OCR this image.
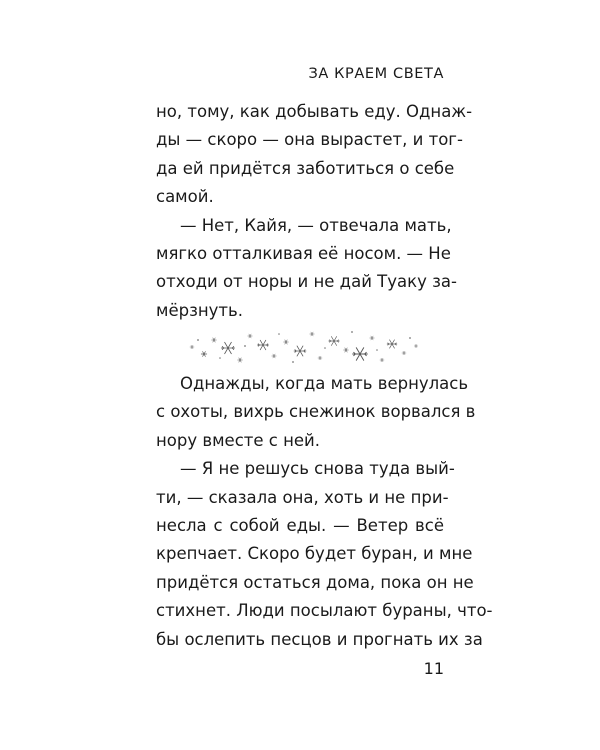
ЗА КРАЕМ СВЕТА
но, тому, как добывать еду. Однаж-
ды — скоро — она вырастет, и тог-
да ей придётся заботиться о себе
самой.
— Нет, Кайя, — отвечала мать,
мягко отталкивая её носом. — Не
отходи от норы и не дай Туаку за-
мёрзнуть.
Однажды, когда мать вернулась
с охоты, вихрь снежинок ворвался в
нору вместе с ней.
— Я не решусь снова туда вый-
ти, — сказала она, хоть и не при-
несла с собой еды. — Ветер всё
крепчает. Скоро будет буран, и мне
придётся остаться дома, пока он не
стихнет. Люди посылают бураны, что-
бы ослепить песцов и прогнать их за
11
